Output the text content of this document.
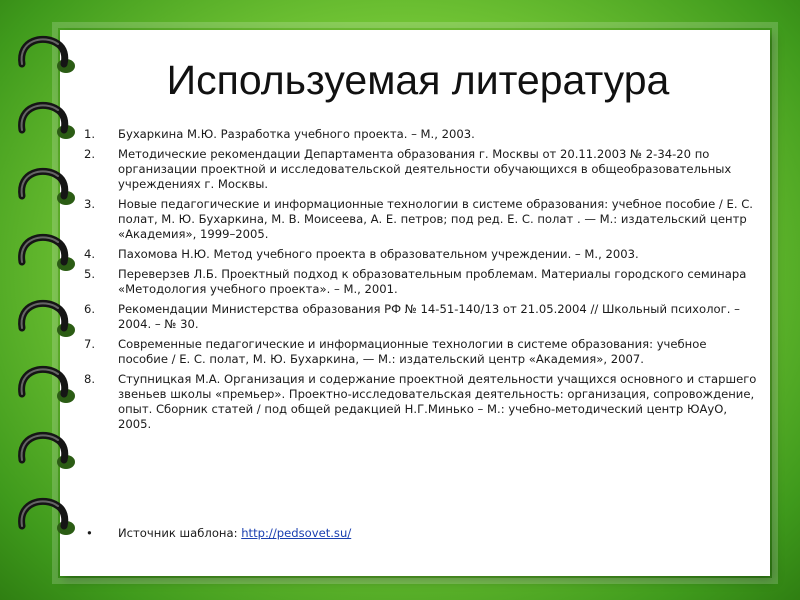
Используемая литература
1.	Бухаркина М.Ю. Разработка учебного проекта. – М., 2003.
2.	Методические рекомендации Департамента образования г. Москвы от 20.11.2003 № 2-34-20 по организации проектной и исследовательской деятельности обучающихся в общеобразовательных учреждениях г. Москвы.
3.	Новые педагогические и информационные технологии в системе образования: учебное пособие / Е. С. полат, М. Ю. Бухаркина, М. В. Моисеева, А. Е. петров; под ред. Е. С. полат . — М.: издательский центр «Академия», 1999–2005.
4.	Пахомова Н.Ю. Метод учебного проекта в образовательном учреждении. – М., 2003.
5.	Переверзев Л.Б. Проектный подход к образовательным проблемам. Материалы городского семинара «Методология учебного проекта». – М., 2001.
6.	Рекомендации Министерства образования РФ № 14-51-140/13 от 21.05.2004 // Школьный психолог. – 2004. – № 30.
7.	Современные педагогические и информационные технологии в системе образования: учебное пособие / Е. С. полат, М. Ю. Бухаркина, — М.: издательский центр «Академия», 2007.
8.	Ступницкая М.А. Организация и содержание проектной деятельности учащихся основного и старшего звеньев школы «премьер». Проектно-исследовательская деятельность: организация, сопровождение, опыт. Сборник статей / под общей редакцией Н.Г.Минько – М.: учебно-методический центр ЮАуО, 2005.
• Источник шаблона: http://pedsovet.su/
